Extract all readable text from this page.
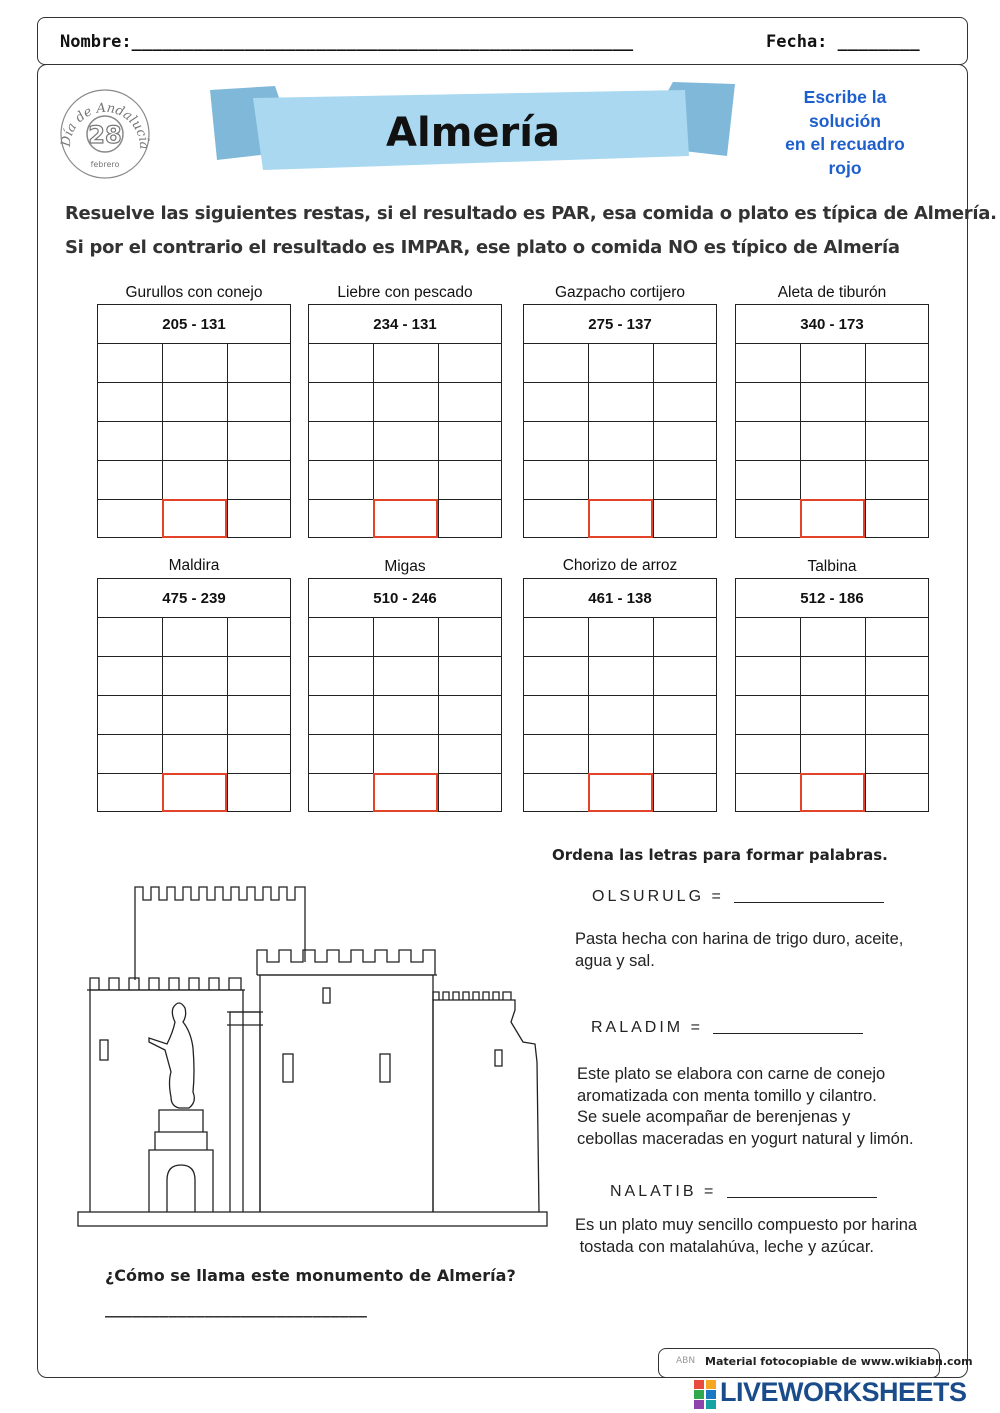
Nombre:_________________________________________________	Fecha: ________
Día de Andalucía
28
febrero
Almería
Escribe la
solución
en el recuadro
rojo
Resuelve las siguientes restas, si el resultado es PAR, esa comida o plato es típica de Almería.
Si por el contrario el resultado es IMPAR, ese plato o comida NO es típico de Almería
Gurullos con conejo
205 - 131
Liebre con pescado
234 - 131
Gazpacho cortijero
275 - 137
Aleta de tiburón
340 - 173
Maldira
475 - 239
Migas
510 - 246
Chorizo de arroz
461 - 138
Talbina
512 - 186
Ordena las letras para formar palabras.
OLSURULG =
Pasta hecha con harina de trigo duro, aceite,
agua y sal.
RALADIM =
Este plato se elabora con carne de conejo
aromatizada con menta tomillo y cilantro.
Se suele acompañar de berenjenas y
cebollas maceradas en yogurt natural y limón.
NALATIB =
Es un plato muy sencillo compuesto por harina
tostada con matalahúva, leche y azúcar.
¿Cómo se llama este monumento de Almería?
_____________________________
ABN Material fotocopiable de www.wikiabn.com
LIVEWORKSHEETS
